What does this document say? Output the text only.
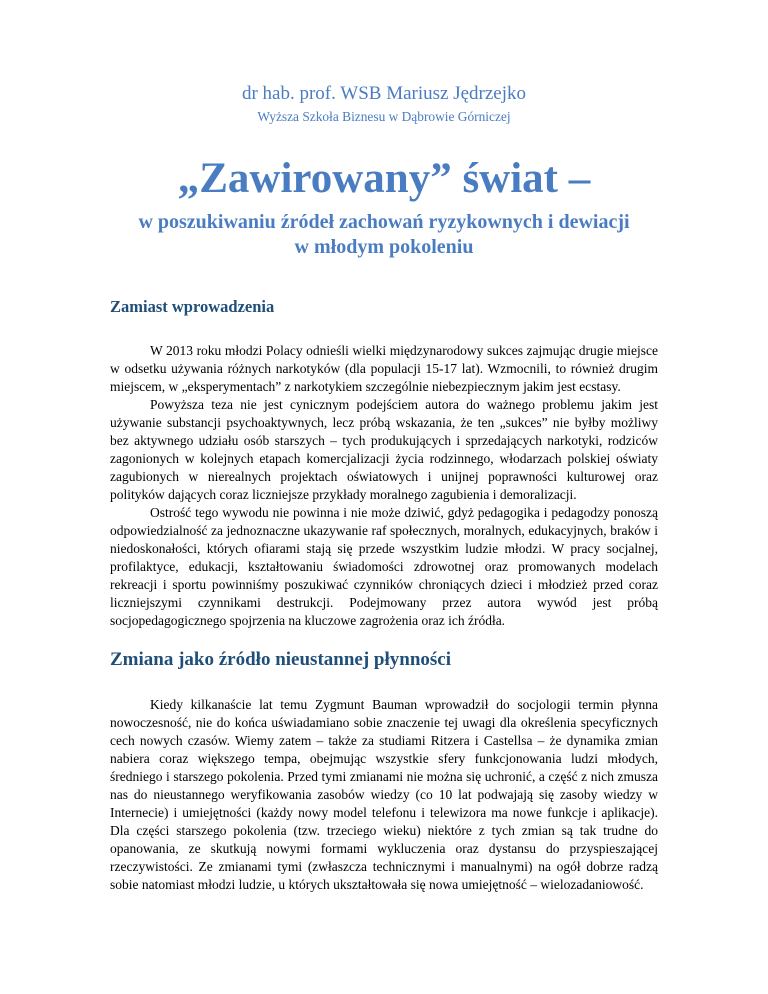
dr hab. prof. WSB Mariusz Jędrzejko

Wyższa Szkoła Biznesu w Dąbrowie Górniczej

„Zawirowany” świat –
w poszukiwaniu źródeł zachowań ryzykownych i dewiacji
w młodym pokoleniu
Zamiast wprowadzenia

W 2013 roku młodzi Polacy odnieśli wielki międzynarodowy sukces zajmując drugie miejsce w odsetku używania różnych narkotyków (dla populacji 15-17 lat). Wzmocnili, to również drugim miejscem, w „eksperymentach” z narkotykiem szczególnie niebezpiecznym jakim jest ecstasy.

Powyższa teza nie jest cynicznym podejściem autora do ważnego problemu jakim jest używanie substancji psychoaktywnych, lecz próbą wskazania, że ten „sukces” nie byłby możliwy bez aktywnego udziału osób starszych – tych produkujących i sprzedających narkotyki, rodziców zagonionych w kolejnych etapach komercjalizacji życia rodzinnego, włodarzach polskiej oświaty zagubionych w nierealnych projektach oświatowych i unijnej poprawności kulturowej oraz polityków dających coraz liczniejsze przykłady moralnego zagubienia i demoralizacji.

Ostrość tego wywodu nie powinna i nie może dziwić, gdyż pedagogika i pedagodzy ponoszą odpowiedzialność za jednoznaczne ukazywanie raf społecznych, moralnych, edukacyjnych, braków i niedoskonałości, których ofiarami stają się przede wszystkim ludzie młodzi. W pracy socjalnej, profilaktyce, edukacji, kształtowaniu świadomości zdrowotnej oraz promowanych modelach rekreacji i sportu powinniśmy poszukiwać czynników chroniących dzieci i młodzież przed coraz liczniejszymi czynnikami destrukcji. Podejmowany przez autora wywód jest próbą socjopedagogicznego spojrzenia na kluczowe zagrożenia oraz ich źródła.

Zmiana jako źródło nieustannej płynności

Kiedy kilkanaście lat temu Zygmunt Bauman wprowadził do socjologii termin płynna nowoczesność, nie do końca uświadamiano sobie znaczenie tej uwagi dla określenia specyficznych cech nowych czasów. Wiemy zatem – także za studiami Ritzera i Castellsa – że dynamika zmian nabiera coraz większego tempa, obejmując wszystkie sfery funkcjonowania ludzi młodych, średniego i starszego pokolenia. Przed tymi zmianami nie można się uchronić, a część z nich zmusza nas do nieustannego weryfikowania zasobów wiedzy (co 10 lat podwajają się zasoby wiedzy w Internecie) i umiejętności (każdy nowy model telefonu i telewizora ma nowe funkcje i aplikacje). Dla części starszego pokolenia (tzw. trzeciego wieku) niektóre z tych zmian są tak trudne do opanowania, ze skutkują nowymi formami wykluczenia oraz dystansu do przyspieszającej rzeczywistości. Ze zmianami tymi (zwłaszcza technicznymi i manualnymi) na ogół dobrze radzą sobie natomiast młodzi ludzie, u których ukształtowała się nowa umiejętność – wielozadaniowość.
